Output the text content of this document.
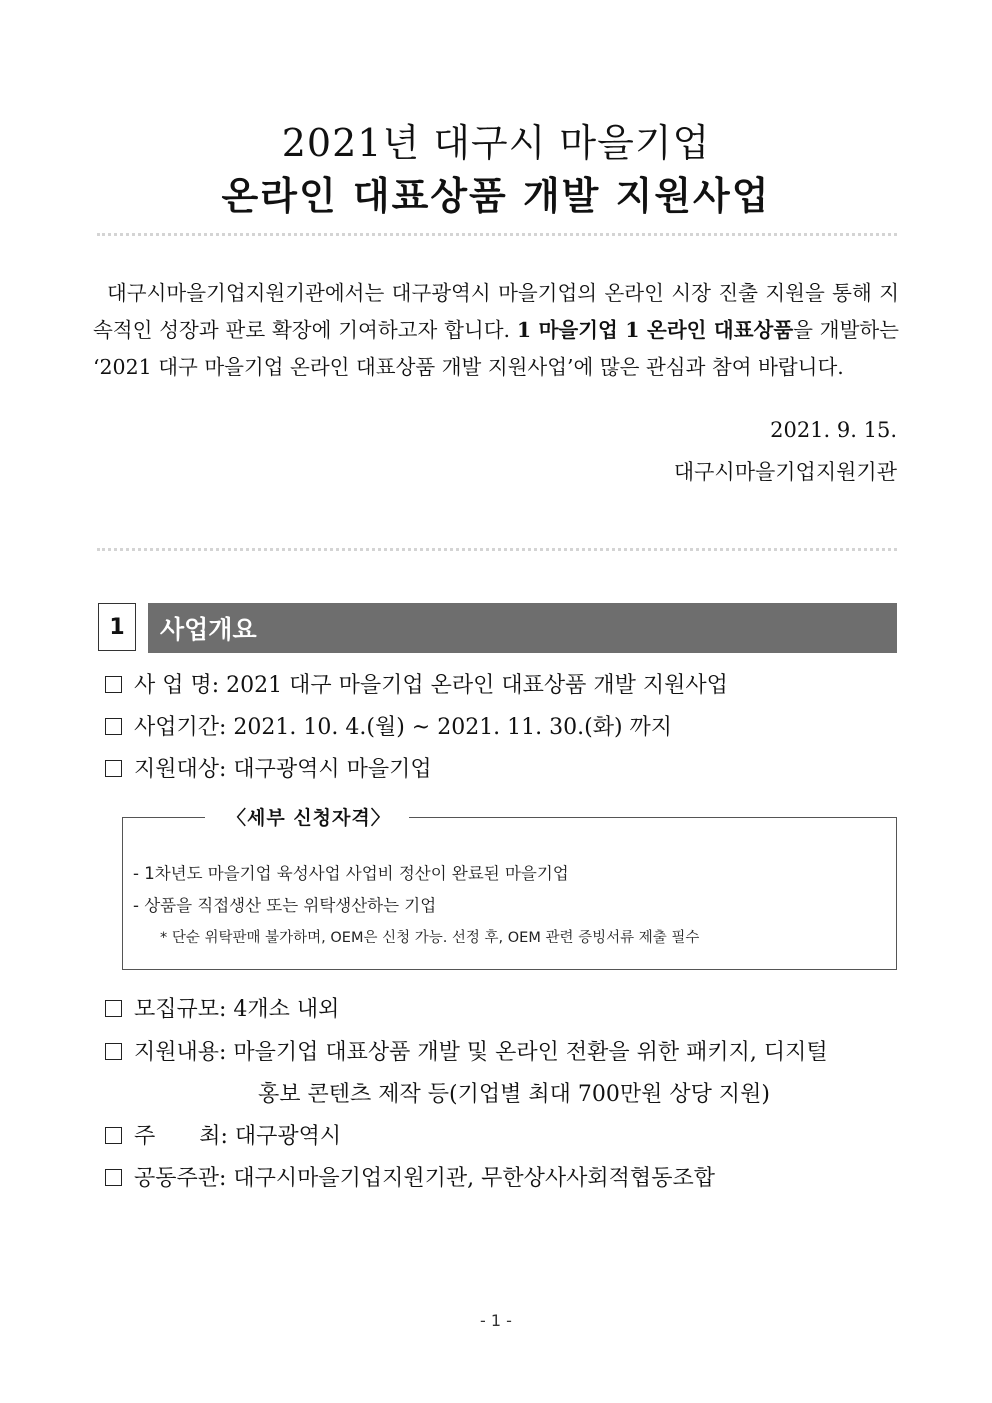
2021년 대구시 마을기업
온라인 대표상품 개발 지원사업
대구시마을기업지원기관에서는 대구광역시 마을기업의 온라인 시장 진출 지원을 통해 지속적인 성장과 판로 확장에 기여하고자 합니다. 1 마을기업 1 온라인 대표상품을 개발하는 ‘2021 대구 마을기업 온라인 대표상품 개발 지원사업’에 많은 관심과 참여 바랍니다.
2021. 9. 15.
대구시마을기업지원기관
1	사업개요
사 업 명: 2021 대구 마을기업 온라인 대표상품 개발 지원사업
사업기간: 2021. 10. 4.(월) ~ 2021. 11. 30.(화) 까지
지원대상: 대구광역시 마을기업
〈세부 신청자격〉
- 1차년도 마을기업 육성사업 사업비 정산이 완료된 마을기업
- 상품을 직접생산 또는 위탁생산하는 기업
* 단순 위탁판매 불가하며, OEM은 신청 가능. 선정 후, OEM 관련 증빙서류 제출 필수
모집규모: 4개소 내외
지원내용: 마을기업 대표상품 개발 및 온라인 전환을 위한 패키지, 디지털
홍보 콘텐츠 제작 등(기업별 최대 700만원 상당 지원)
주　　최: 대구광역시
공동주관: 대구시마을기업지원기관, 무한상사사회적협동조합
- 1 -
